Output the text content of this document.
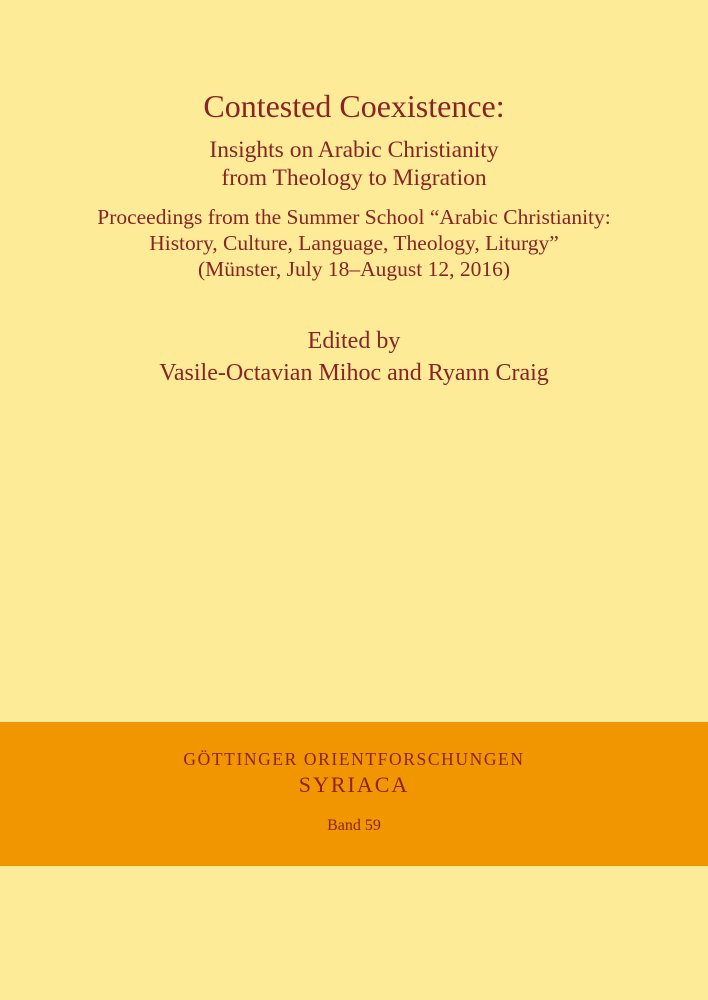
Contested Coexistence:

Insights on Arabic Christianity

from Theology to Migration

Proceedings from the Summer School “Arabic Christianity:

History, Culture, Language, Theology, Liturgy”

(Münster, July 18–August 12, 2016)

Edited by

Vasile-Octavian Mihoc and Ryann Craig

GÖTTINGER ORIENTFORSCHUNGEN
SYRIACA
Band 59
